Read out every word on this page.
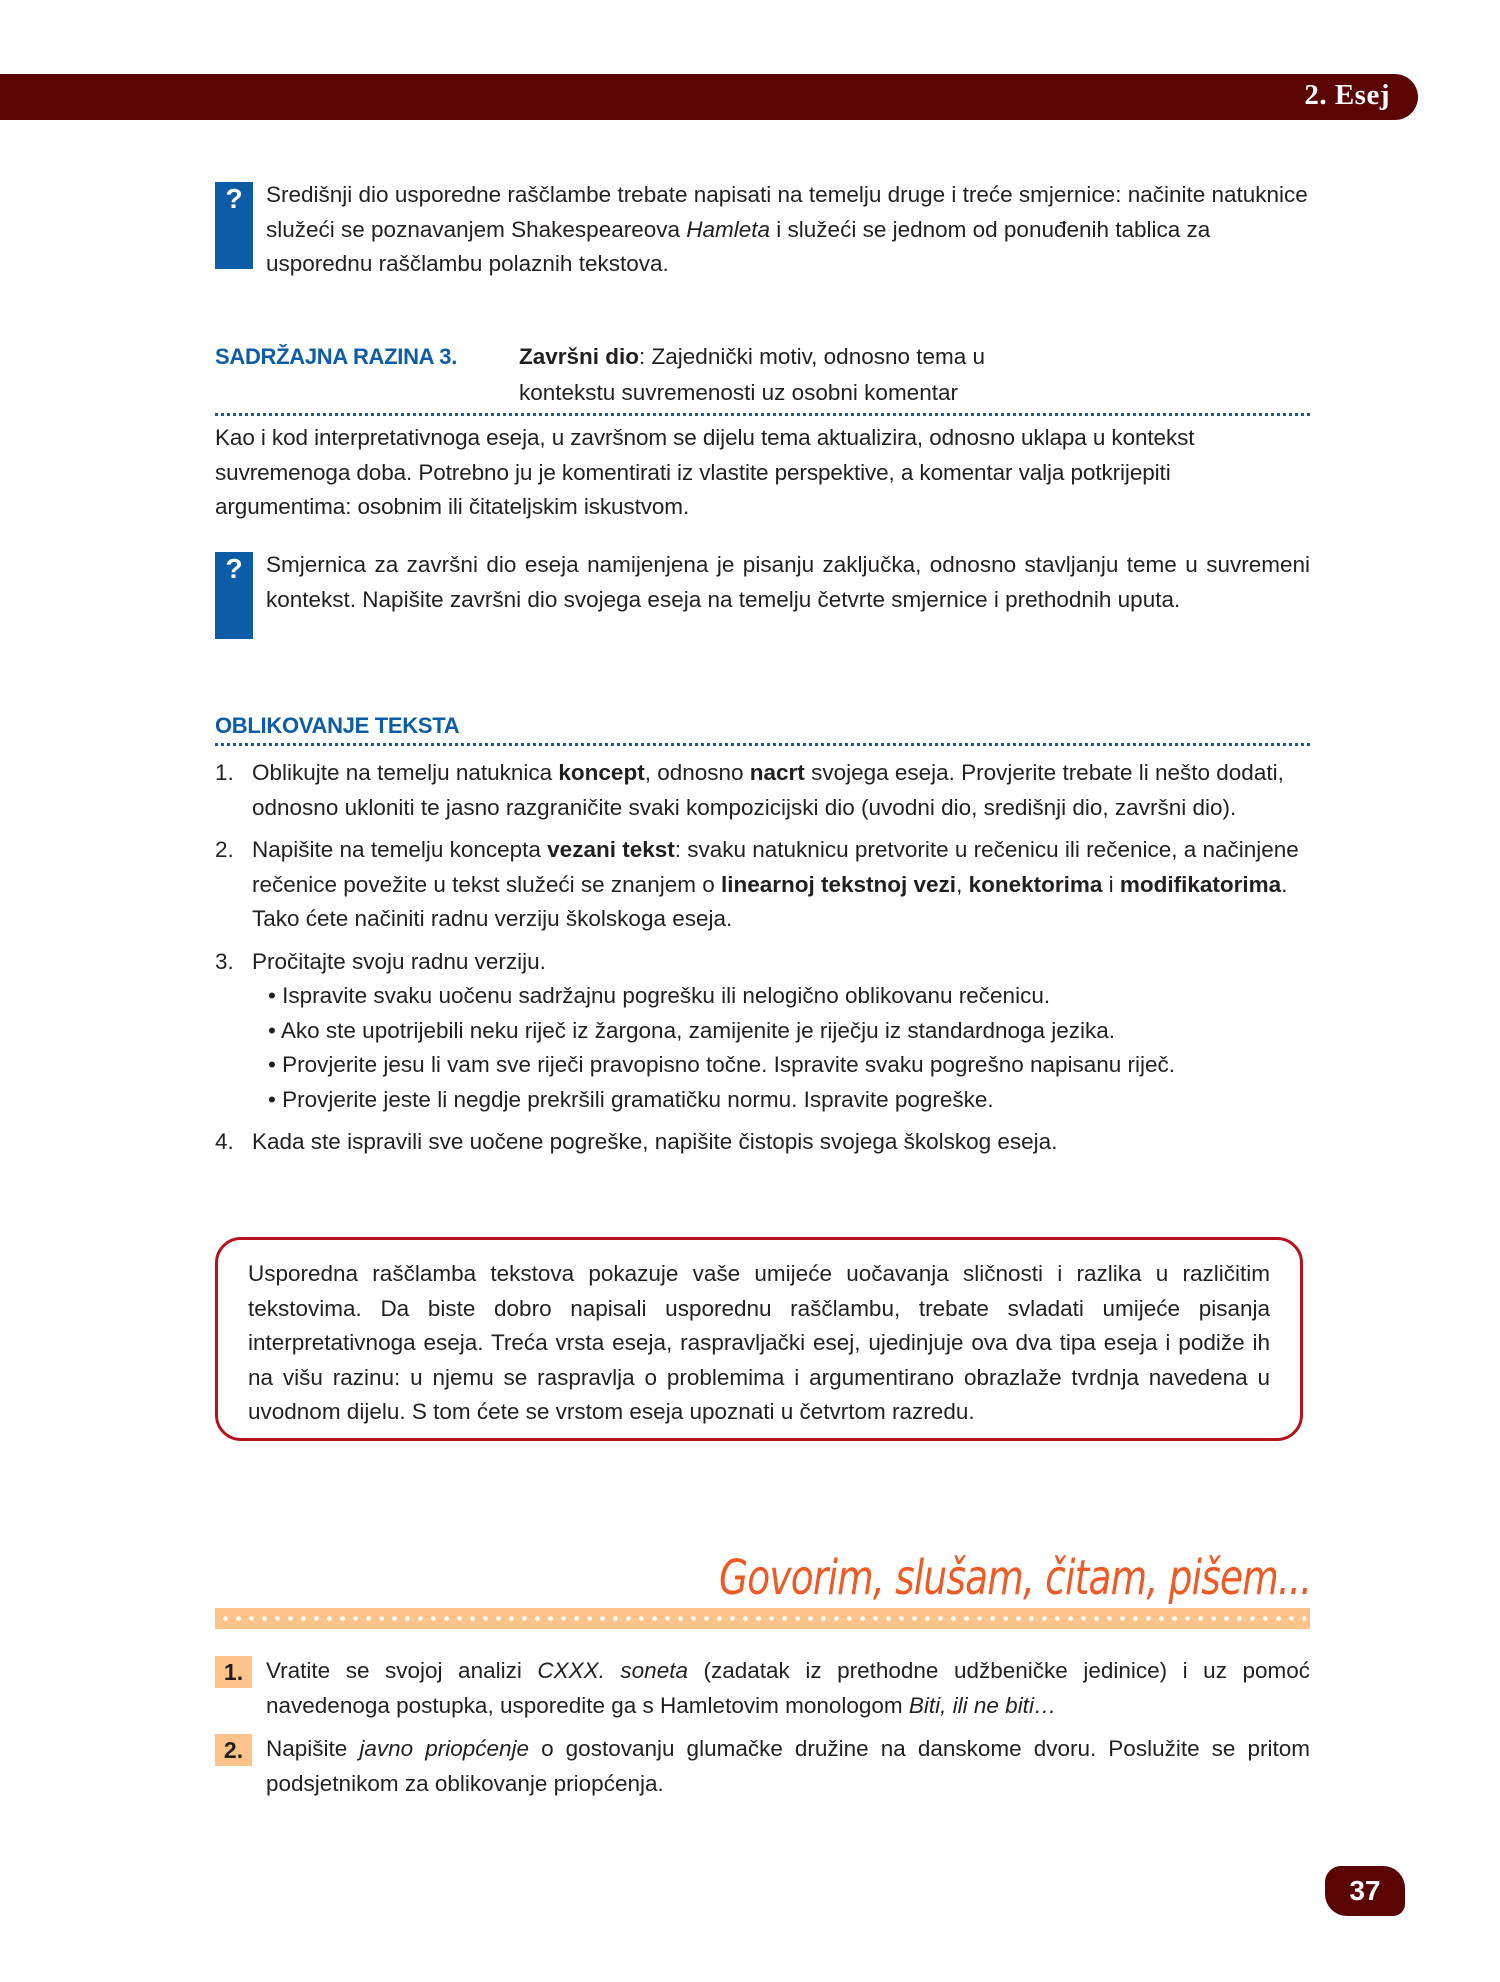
2. Esej
?	Središnji dio usporedne raščlambe trebate napisati na temelju druge i treće smjernice: načinite natuknice služeći se poznavanjem Shakespeareova Hamleta i služeći se jednom od ponuđenih tablica za usporednu raščlambu polaznih tekstova.

SADRŽAJNA RAZINA 3.	Završni dio: Zajednički motiv, odnosno tema u
kontekstu suvremenosti uz osobni komentar

Kao i kod interpretativnoga eseja, u završnom se dijelu tema aktualizira, odnosno uklapa u kontekst suvremenoga doba. Potrebno ju je komentirati iz vlastite perspektive, a komentar valja potkrijepiti argumentima: osobnim ili čitateljskim iskustvom.

?	Smjernica za završni dio eseja namijenjena je pisanju zaključka, odnosno stavljanju teme u suvremeni kontekst. Napišite završni dio svojega eseja na temelju četvrte smjernice i prethodnih uputa.

OBLIKOVANJE TEKSTA
1. Oblikujte na temelju natuknica koncept, odnosno nacrt svojega eseja. Provjerite trebate li nešto dodati, odnosno ukloniti te jasno razgraničite svaki kompozicijski dio (uvodni dio, središnji dio, završni dio).
2. Napišite na temelju koncepta vezani tekst: svaku natuknicu pretvorite u rečenicu ili rečenice, a načinjene rečenice povežite u tekst služeći se znanjem o linearnoj tekstnoj vezi, konektorima i modifikatorima. Tako ćete načiniti radnu verziju školskoga eseja.
3. Pročitajte svoju radnu verziju.
• Ispravite svaku uočenu sadržajnu pogrešku ili nelogično oblikovanu rečenicu.
• Ako ste upotrijebili neku riječ iz žargona, zamijenite je riječju iz standardnoga jezika.
• Provjerite jesu li vam sve riječi pravopisno točne. Ispravite svaku pogrešno napisanu riječ.
• Provjerite jeste li negdje prekršili gramatičku normu. Ispravite pogreške.
4. Kada ste ispravili sve uočene pogreške, napišite čistopis svojega školskog eseja.

Usporedna raščlamba tekstova pokazuje vaše umijeće uočavanja sličnosti i razlika u različitim tekstovima. Da biste dobro napisali usporednu raščlambu, trebate svladati umijeće pisanja interpretativnoga eseja. Treća vrsta eseja, raspravljački esej, ujedinjuje ova dva tipa eseja i podiže ih na višu razinu: u njemu se raspravlja o problemima i argumentirano obrazlaže tvrdnja navedena u uvodnom dijelu. S tom ćete se vrstom eseja upoznati u četvrtom razredu.

Govorim, slušam, čitam, pišem...
1.	Vratite se svojoj analizi CXXX. soneta (zadatak iz prethodne udžbeničke jedinice) i uz pomoć navedenoga postupka, usporedite ga s Hamletovim monologom Biti, ili ne biti…

2.	Napišite javno priopćenje o gostovanju glumačke družine na danskome dvoru. Poslužite se pritom podsjetnikom za oblikovanje priopćenja.

37
